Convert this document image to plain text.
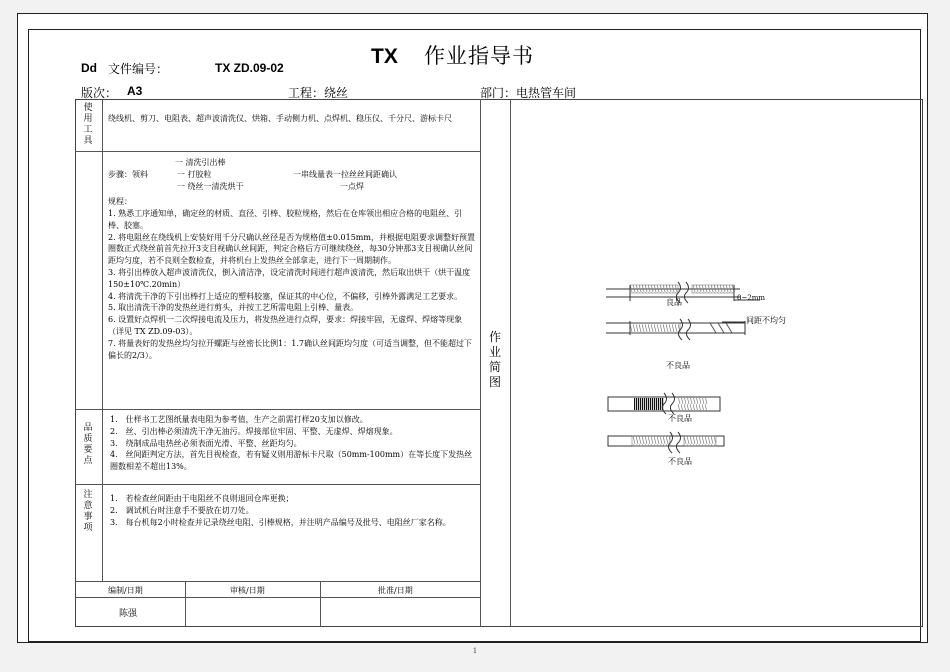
Dd 文件编号：	TX ZD.09-02	TX 作业指导书
版次： A3	工程：绕丝	部门：电热管车间
使用工具
绕线机、剪刀、电阻表、超声波清洗仪、烘箱、手动侧力机、点焊机、稳压仪、千分尺、游标卡尺
一 清洗引出棒
步骤：领料	一 打胶粒	一串线量表一拉丝丝间距确认
一 绕丝一清洗烘干	一点焊
规程：
1. 熟悉工序通知单，确定丝的材质、直径、引棒、胶粒规格，然后在仓库领出相应合格的电阻丝、引棒、胶塞。
2. 将电阻丝在绕线机上安装好用千分尺确认丝径是否为规格值±0.015mm，并根据电阻要求调整好预置圈数正式绕丝前首先拉开3支目视确认丝间距，判定合格后方可继续绕丝，每30分钟那3支目视确认丝间距均匀度，若不良则全数检查，并将机台上发热丝全部拿走，进行下一周期制作。
3. 将引出棒放入超声波清洗仪，倒入清洁净，设定清洗时间进行超声波清洗，然后取出烘干（烘干温度 150±10℃.20min）
4. 将清洗干净的下引出棒打上适应的塑料胶塞，保证其的中心位，不偏移，引棒外露满足工艺要求。
5. 取出清洗干净的发热丝进行剪头，并按工艺所需电阻上引棒、量表。
6. 设置好点焊机一二次焊接电流及压力，将发热丝进行点焊，要求：焊接牢固，无虚焊、焊熔等现象（详见 TX ZD.09-03）。
7. 将量表好的发热丝均匀拉开螺距与丝密长比例1：1.7确认丝间距均匀度（可适当调整，但不能超过下偏长的2/3）。
品质要点
1.　仕样书工艺图纸量表电阻为参考值，生产之前需打样20支加以修改。
2.　丝、引出棒必须清洗干净无油污。焊接部位牢固、平整、无虚焊、焊熔现象。
3.　绕制成品电热丝必须表面光滑、平整、丝距均匀。
4.　丝间距判定方法，首先目视检查，若有疑义则用游标卡尺取（50mm-100mm）在等长度下发热丝圈数相差不超出13%。
注意事项
1.　若检查丝间距由于电阻丝不良则退回仓库更换；
2.　调试机台时注意手不要放在切刀处。
3.　每台机每2小时检查并记录绕丝电阻、引棒规格，并注明产品编号及批号、电阻丝厂家名称。
编制/日期	审核/日期	批准/日期
陈强
作业简图
良品	0~2mm
间距不均匀
不良品
不良品
不良品
1
